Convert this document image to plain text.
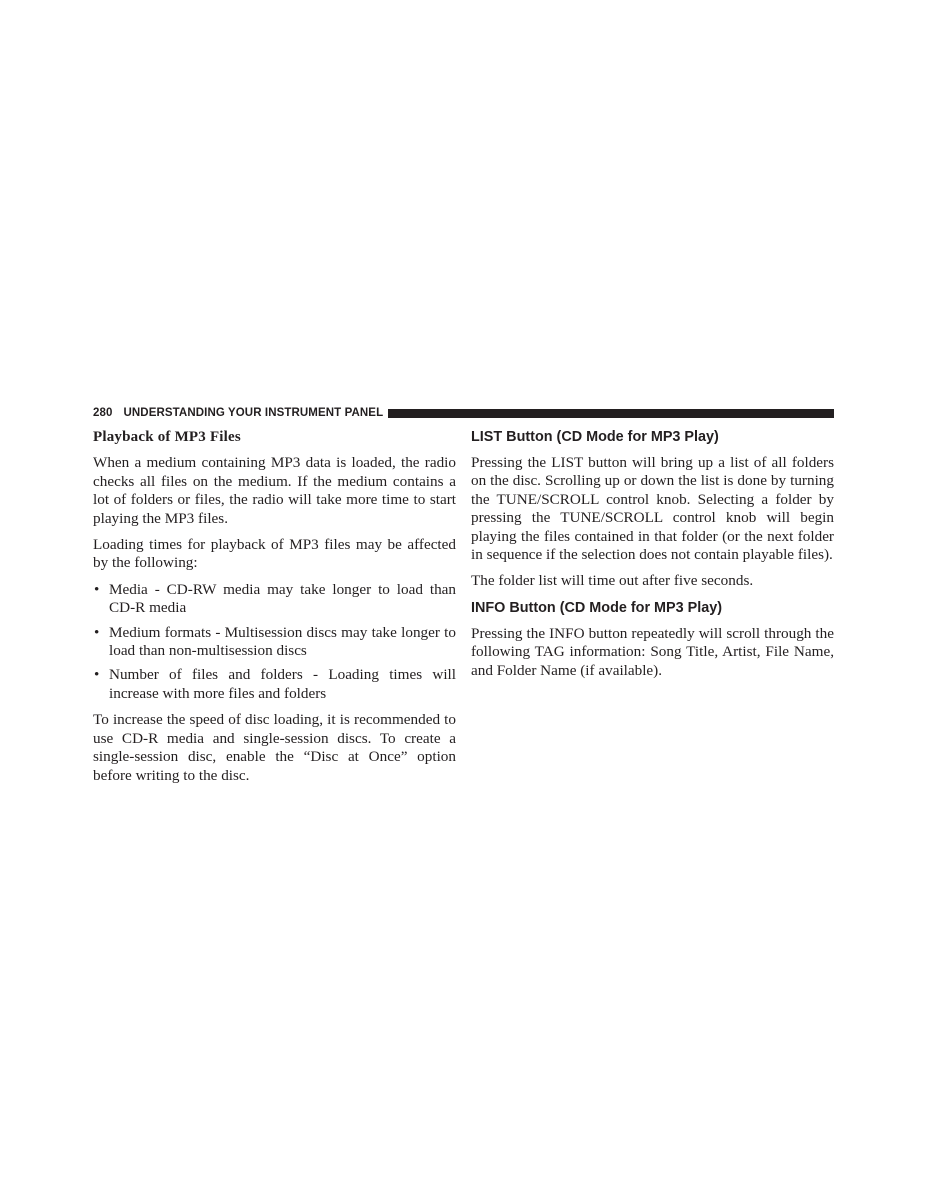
280 UNDERSTANDING YOUR INSTRUMENT PANEL
Playback of MP3 Files

When a medium containing MP3 data is loaded, the radio checks all files on the medium. If the medium contains a lot of folders or files, the radio will take more time to start playing the MP3 files.

Loading times for playback of MP3 files may be affected by the following:

• Media - CD-RW media may take longer to load than CD-R media
• Medium formats - Multisession discs may take longer to load than non-multisession discs
• Number of files and folders - Loading times will increase with more files and folders

To increase the speed of disc loading, it is recommended to use CD-R media and single-session discs. To create a single-session disc, enable the “Disc at Once” option before writing to the disc.

LIST Button (CD Mode for MP3 Play)

Pressing the LIST button will bring up a list of all folders on the disc. Scrolling up or down the list is done by turning the TUNE/SCROLL control knob. Selecting a folder by pressing the TUNE/SCROLL control knob will begin playing the files contained in that folder (or the next folder in sequence if the selection does not contain playable files).

The folder list will time out after five seconds.

INFO Button (CD Mode for MP3 Play)

Pressing the INFO button repeatedly will scroll through the following TAG information: Song Title, Artist, File Name, and Folder Name (if available).
